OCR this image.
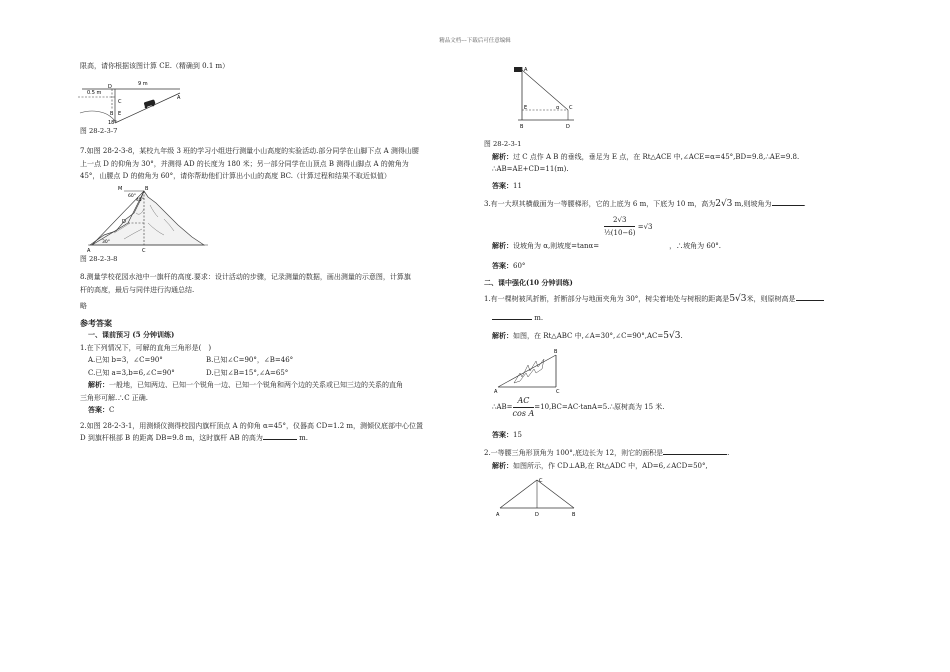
精品文档---下载后可任意编辑

限高，请你根据该图计算 CE.（精确到 0.1 m）

0.5 m
D
C
9 m
A
B E
18°

图 28-2-3-7

7.如图 28-2-3-8，某校九年级 3 班的学习小组进行测量小山高度的实验活动.部分同学在山脚下点 A 测得山腰

上一点 D 的仰角为 30°，并测得 AD 的长度为 180 米；另一部分同学在山顶点 B 测得山脚点 A 的俯角为

45°，山腰点 D 的俯角为 60°，请你帮助他们计算出小山的高度 BC.（计算过程和结果不取近似值）

M	B
60°
45°
D
30°
A	C

图 28-2-3-8

8.测量学校花园水池中一旗杆的高度.要求：设计活动的步骤，记录测量的数据，画出测量的示意图，计算旗

杆的高度，最后与同伴进行沟通总结.

略

参考答案

一、课前预习 (5 分钟训练)

1.在下列情况下，可解的直角三角形是(　)

A.已知 b=3，∠C=90°	B.已知∠C=90°，∠B=46°
C.已知 a=3,b=6,∠C=90°	D.已知∠B=15°,∠A=65°

解析：一般地，已知两边、已知一个锐角一边、已知一个锐角和两个边的关系或已知三边的关系的直角

三角形可解.∴C 正确.

答案：C

2.如图 28-2-3-1，用测倾仪测得校园内旗杆顶点 A 的仰角 α=45°，仪器高 CD=1.2 m，测倾仪底部中心位置

D 到旗杆根部 B 的距离 DB=9.8 m，这时旗杆 AB 的高为	m.

A
α
E	C
B	D

图 28-2-3-1

解析：过 C 点作 A B 的垂线，垂足为 E 点，在 Rt△ACE 中,∠ACE=α=45°,BD=9.8,∴AE=9.8.

∴AB=AE+CD=11(m).

答案：11

3.有一大坝其横截面为一等腰梯形，它的上底为 6 m，下底为 10 m，高为2√3 m,则坡角为	.

$\frac{2√3}{\text{½(10−6)}} =√3$

解析：设坡角为 α,则坡度=tanα=	，∴坡角为 60°.

答案：60°

二、课中强化(10 分钟训练)

1.有一棵树被风折断，折断部分与地面夹角为 30°，树尖着地处与树根的距离是5√3米，则原树高是

m.

解析：如图，在 Rt△ABC 中,∠A=30°,∠C=90°,AC=5√3.

B
A	C
∴AB= $\frac{AC}{\text{cos A}}$ =10,BC=AC·tanA=5.∴原树高为 15 米.

答案：15

2.一等腰三角形顶角为 100°,底边长为 12，则它的面积是	.

解析：如图所示，作 CD⊥AB,在 Rt△ADC 中，AD=6,∠ACD=50°,

C
A	D	B
